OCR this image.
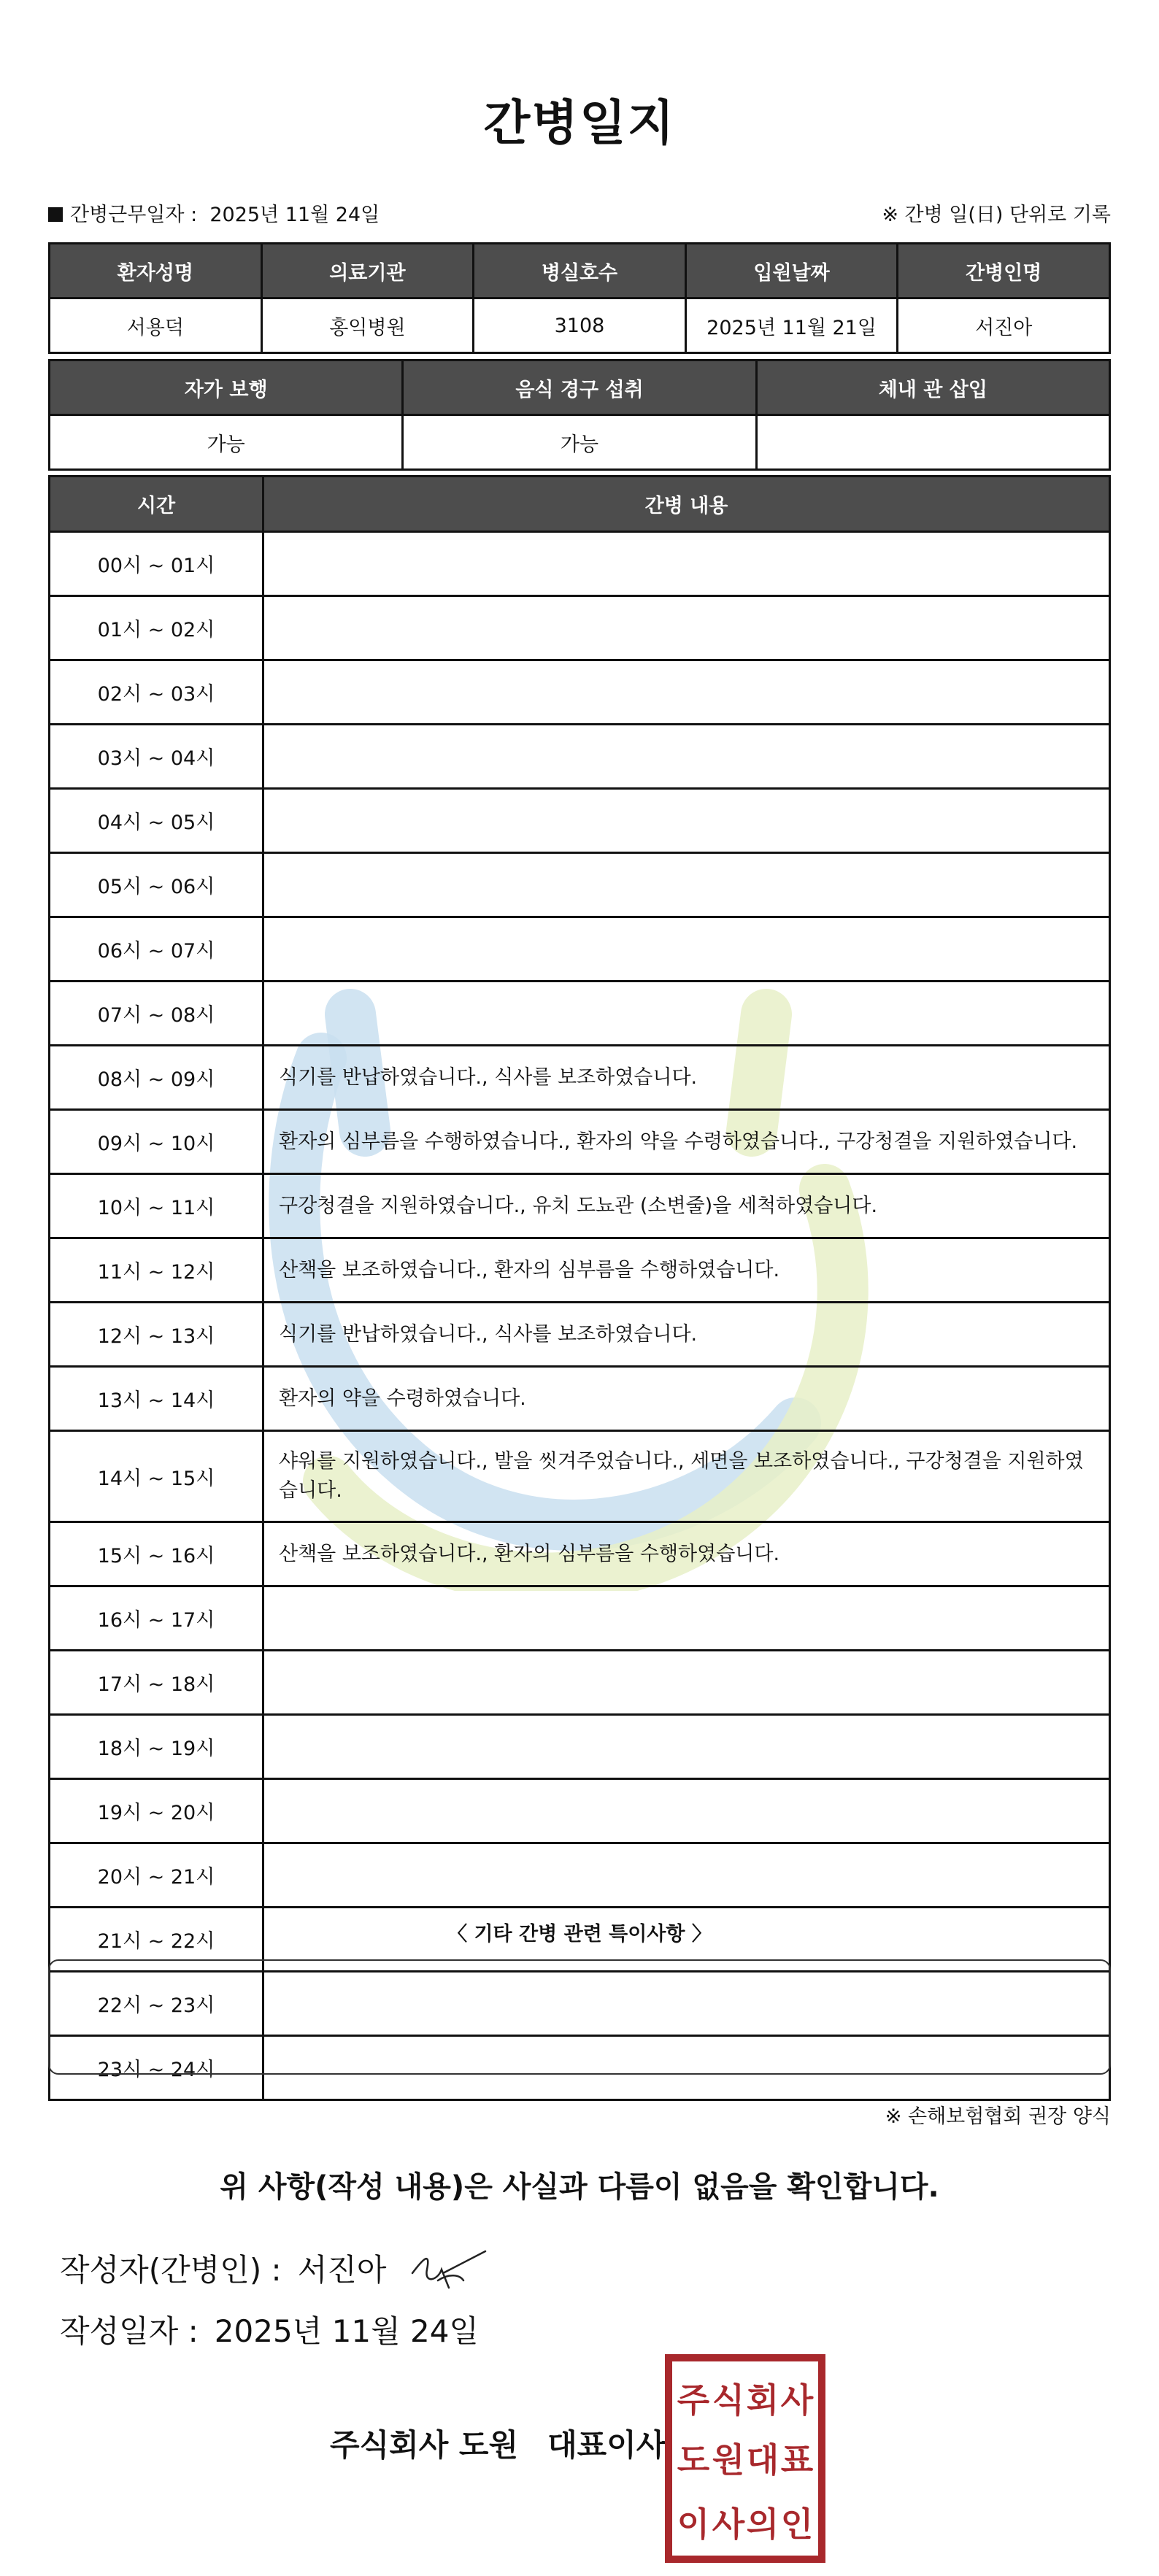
간병일지
간병근무일자 : 2025년 11월 24일	※ 간병 일(日) 단위로 기록
환자성명	의료기관	병실호수	입원날짜	간병인명
서용덕	홍익병원	3108	2025년 11월 21일	서진아
자가 보행	음식 경구 섭취	체내 관 삽입
가능	가능	
시간	간병 내용
00시 ~ 01시	
01시 ~ 02시	
02시 ~ 03시	
03시 ~ 04시	
04시 ~ 05시	
05시 ~ 06시	
06시 ~ 07시	
07시 ~ 08시	
08시 ~ 09시	식기를 반납하였습니다., 식사를 보조하였습니다.
09시 ~ 10시	환자의 심부름을 수행하였습니다., 환자의 약을 수령하였습니다., 구강청결을 지원하였습니다.
10시 ~ 11시	구강청결을 지원하였습니다., 유치 도뇨관 (소변줄)을 세척하였습니다.
11시 ~ 12시	산책을 보조하였습니다., 환자의 심부름을 수행하였습니다.
12시 ~ 13시	식기를 반납하였습니다., 식사를 보조하였습니다.
13시 ~ 14시	환자의 약을 수령하였습니다.
14시 ~ 15시	샤워를 지원하였습니다., 발을 씻겨주었습니다., 세면을 보조하였습니다., 구강청결을 지원하였습니다.
15시 ~ 16시	산책을 보조하였습니다., 환자의 심부름을 수행하였습니다.
16시 ~ 17시	
17시 ~ 18시	
18시 ~ 19시	
19시 ~ 20시	
20시 ~ 21시	
21시 ~ 22시	
22시 ~ 23시	
23시 ~ 24시	
〈 기타 간병 관련 특이사항 〉
※ 손해보험협회 권장 양식
위 사항(작성 내용)은 사실과 다름이 없음을 확인합니다.
작성자(간병인) : 서진아
작성일자 : 2025년 11월 24일
주식회사 도원 대표이사
주 식 회 사
도 원 대 표
이 사 의 인
